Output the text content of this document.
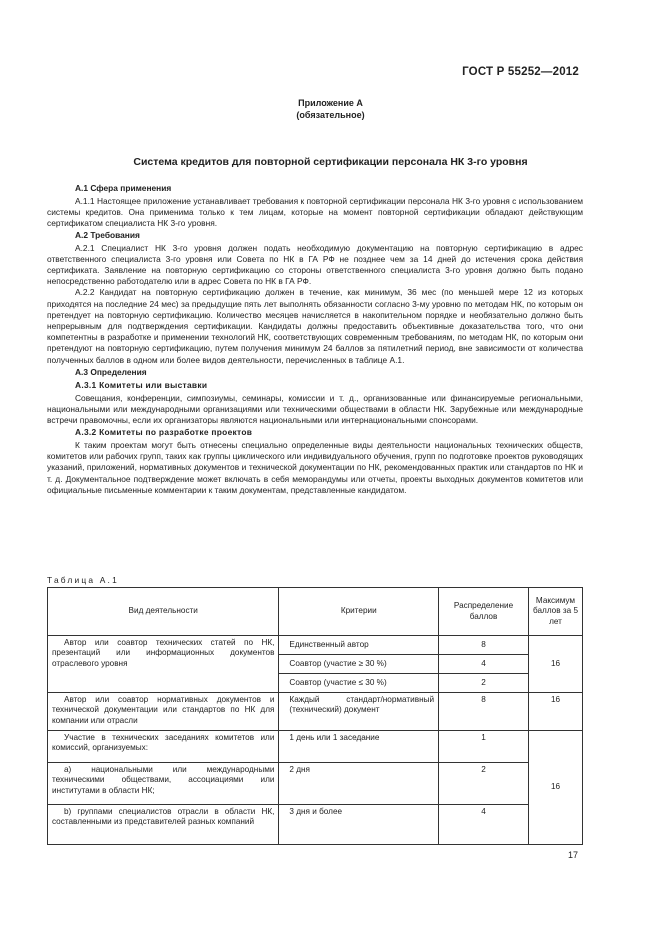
ГОСТ Р 55252—2012
Приложение А
(обязательное)
Система кредитов для повторной сертификации персонала НК 3-го уровня
А.1 Сфера применения

А.1.1 Настоящее приложение устанавливает требования к повторной сертификации персонала НК 3-го уровня с использованием системы кредитов. Она применима только к тем лицам, которые на момент повторной сертификации обладают действующим сертификатом специалиста НК 3-го уровня.

А.2 Требования

А.2.1 Специалист НК 3-го уровня должен подать необходимую документацию на повторную сертификацию в адрес ответственного специалиста 3-го уровня или Совета по НК в ГА РФ не позднее чем за 14 дней до истечения срока действия сертификата. Заявление на повторную сертификацию со стороны ответственного специалиста 3-го уровня должно быть подано непосредственно работодателю или в адрес Совета по НК в ГА РФ.

А.2.2 Кандидат на повторную сертификацию должен в течение, как минимум, 36 мес (по меньшей мере 12 из которых приходятся на последние 24 мес) за предыдущие пять лет выполнять обязанности согласно 3-му уровню по методам НК, по которым он претендует на повторную сертификацию. Количество месяцев начисляется в накопительном порядке и необязательно должно быть непрерывным для подтверждения сертификации. Кандидаты должны предоставить объективные доказательства того, что они компетентны в разработке и применении технологий НК, соответствующих современным требованиям, по методам НК, по которым они претендуют на повторную сертификацию, путем получения минимум 24 баллов за пятилетний период, вне зависимости от количества полученных баллов в одном или более видов деятельности, перечисленных в таблице А.1.

А.3 Определения
А.3.1 Комитеты или выставки

Совещания, конференции, симпозиумы, семинары, комиссии и т. д., организованные или финансируемые региональными, национальными или международными организациями или техническими обществами в области НК. Зарубежные или международные встречи правомочны, если их организаторы являются национальными или интернациональными спонсорами.

А.3.2 Комитеты по разработке проектов

К таким проектам могут быть отнесены специально определенные виды деятельности национальных технических обществ, комитетов или рабочих групп, таких как группы циклического или индивидуального обучения, групп по подготовке проектов руководящих указаний, приложений, нормативных документов и технической документации по НК, рекомендованных практик или стандартов по НК и т. д. Документальное подтверждение может включать в себя меморандумы или отчеты, проекты выходных документов комитетов или официальные письменные комментарии к таким документам, представленные кандидатом.

Таблица А.1
Вид деятельности	Критерии	Распределение баллов	Максимум баллов за 5 лет
Автор или соавтор технических статей по НК, презентаций или информационных документов отраслевого уровня	Единственный автор	8	16
	Соавтор (участие ≥ 30 %)	4	
	Соавтор (участие ≤ 30 %)	2	
Автор или соавтор нормативных документов и технической документации или стандартов по НК для компании или отрасли	Каждый стандарт/нормативный (технический) документ	8	16
Участие в технических заседаниях комитетов или комиссий, организуемых:	1 день или 1 заседание	1	16
а) национальными или международными техническими обществами, ассоциациями или институтами в области НК;	2 дня	2	
b) группами специалистов отрасли в области НК, составленными из представителей разных компаний	3 дня и более	4	
17
